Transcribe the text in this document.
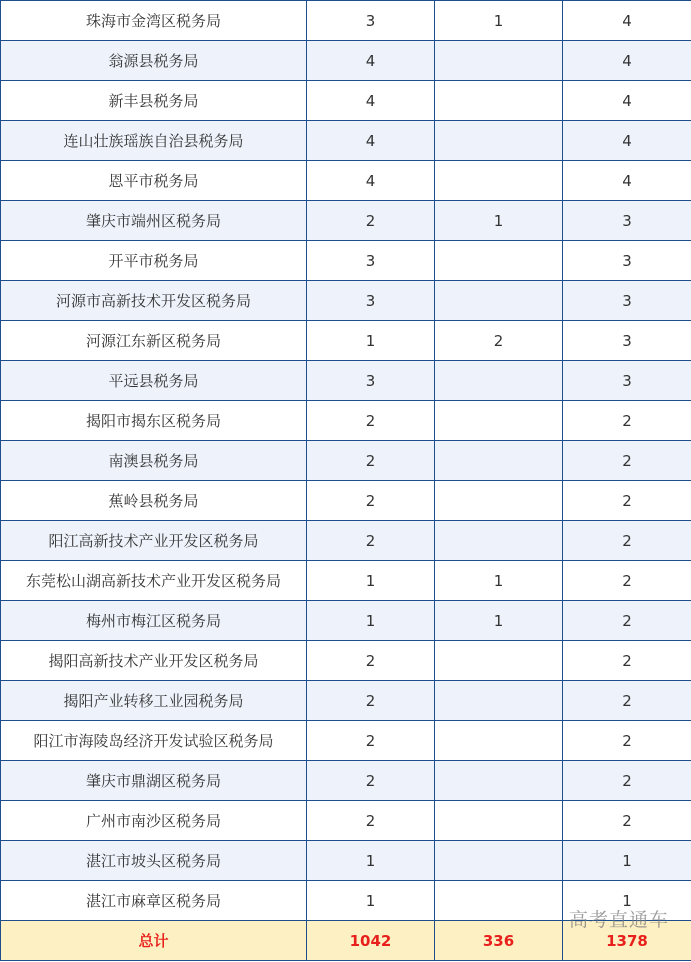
珠海市金湾区税务局	3	1	4
翁源县税务局	4		4
新丰县税务局	4		4
连山壮族瑶族自治县税务局	4		4
恩平市税务局	4		4
肇庆市端州区税务局	2	1	3
开平市税务局	3		3
河源市高新技术开发区税务局	3		3
河源江东新区税务局	1	2	3
平远县税务局	3		3
揭阳市揭东区税务局	2		2
南澳县税务局	2		2
蕉岭县税务局	2		2
阳江高新技术产业开发区税务局	2		2
东莞松山湖高新技术产业开发区税务局	1	1	2
梅州市梅江区税务局	1	1	2
揭阳高新技术产业开发区税务局	2		2
揭阳产业转移工业园税务局	2		2
阳江市海陵岛经济开发试验区税务局	2		2
肇庆市鼎湖区税务局	2		2
广州市南沙区税务局	2		2
湛江市坡头区税务局	1		1
湛江市麻章区税务局	1		1
总计	1042	336	1378
高考直通车
